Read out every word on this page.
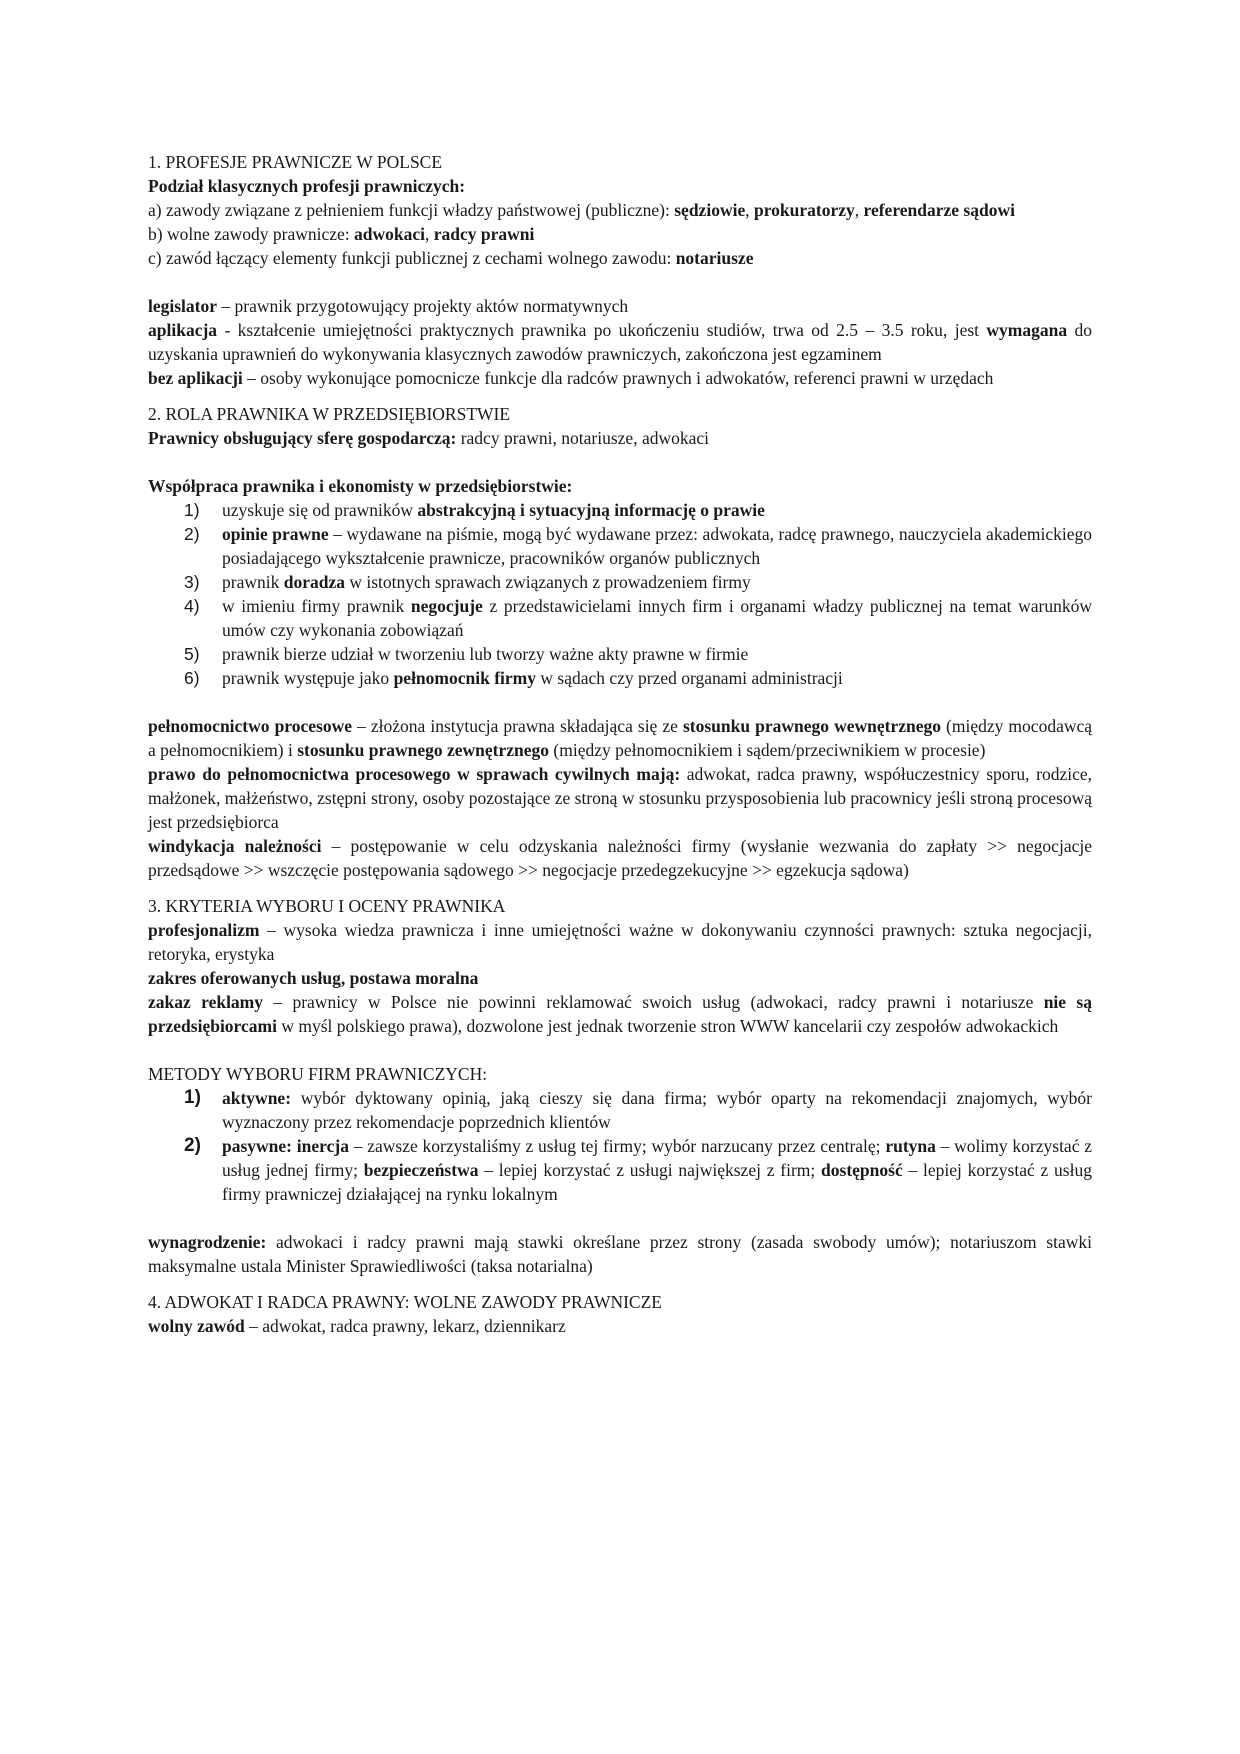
1. PROFESJE PRAWNICZE W POLSCE

Podział klasycznych profesji prawniczych:

a) zawody związane z pełnieniem funkcji władzy państwowej (publiczne): sędziowie, prokuratorzy, referendarze sądowi

b) wolne zawody prawnicze: adwokaci, radcy prawni

c) zawód łączący elementy funkcji publicznej z cechami wolnego zawodu: notariusze

legislator – prawnik przygotowujący projekty aktów normatywnych

aplikacja - kształcenie umiejętności praktycznych prawnika po ukończeniu studiów, trwa od 2.5 – 3.5 roku, jest wymagana do uzyskania uprawnień do wykonywania klasycznych zawodów prawniczych, zakończona jest egzaminem

bez aplikacji – osoby wykonujące pomocnicze funkcje dla radców prawnych i adwokatów, referenci prawni w urzędach

2. ROLA PRAWNIKA W PRZEDSIĘBIORSTWIE

Prawnicy obsługujący sferę gospodarczą: radcy prawni, notariusze, adwokaci

Współpraca prawnika i ekonomisty w przedsiębiorstwie:

1) uzyskuje się od prawników abstrakcyjną i sytuacyjną informację o prawie
2) opinie prawne – wydawane na piśmie, mogą być wydawane przez: adwokata, radcę prawnego, nauczyciela akademickiego posiadającego wykształcenie prawnicze, pracowników organów publicznych
3) prawnik doradza w istotnych sprawach związanych z prowadzeniem firmy
4) w imieniu firmy prawnik negocjuje z przedstawicielami innych firm i organami władzy publicznej na temat warunków umów czy wykonania zobowiązań
5) prawnik bierze udział w tworzeniu lub tworzy ważne akty prawne w firmie
6) prawnik występuje jako pełnomocnik firmy w sądach czy przed organami administracji

pełnomocnictwo procesowe – złożona instytucja prawna składająca się ze stosunku prawnego wewnętrznego (między mocodawcą a pełnomocnikiem) i stosunku prawnego zewnętrznego (między pełnomocnikiem i sądem/przeciwnikiem w procesie)

prawo do pełnomocnictwa procesowego w sprawach cywilnych mają: adwokat, radca prawny, współuczestnicy sporu, rodzice, małżonek, małżeństwo, zstępni strony, osoby pozostające ze stroną w stosunku przysposobienia lub pracownicy jeśli stroną procesową jest przedsiębiorca

windykacja należności – postępowanie w celu odzyskania należności firmy (wysłanie wezwania do zapłaty >> negocjacje przedsądowe >> wszczęcie postępowania sądowego >> negocjacje przedegzekucyjne >> egzekucja sądowa)

3. KRYTERIA WYBORU I OCENY PRAWNIKA

profesjonalizm – wysoka wiedza prawnicza i inne umiejętności ważne w dokonywaniu czynności prawnych: sztuka negocjacji, retoryka, erystyka

zakres oferowanych usług, postawa moralna

zakaz reklamy – prawnicy w Polsce nie powinni reklamować swoich usług (adwokaci, radcy prawni i notariusze nie są przedsiębiorcami w myśl polskiego prawa), dozwolone jest jednak tworzenie stron WWW kancelarii czy zespołów adwokackich

METODY WYBORU FIRM PRAWNICZYCH:

1) aktywne: wybór dyktowany opinią, jaką cieszy się dana firma; wybór oparty na rekomendacji znajomych, wybór wyznaczony przez rekomendacje poprzednich klientów
2) pasywne: inercja – zawsze korzystaliśmy z usług tej firmy; wybór narzucany przez centralę; rutyna – wolimy korzystać z usług jednej firmy; bezpieczeństwa – lepiej korzystać z usługi największej z firm; dostępność – lepiej korzystać z usług firmy prawniczej działającej na rynku lokalnym

wynagrodzenie: adwokaci i radcy prawni mają stawki określane przez strony (zasada swobody umów); notariuszom stawki maksymalne ustala Minister Sprawiedliwości (taksa notarialna)

4. ADWOKAT I RADCA PRAWNY: WOLNE ZAWODY PRAWNICZE

wolny zawód – adwokat, radca prawny, lekarz, dziennikarz
